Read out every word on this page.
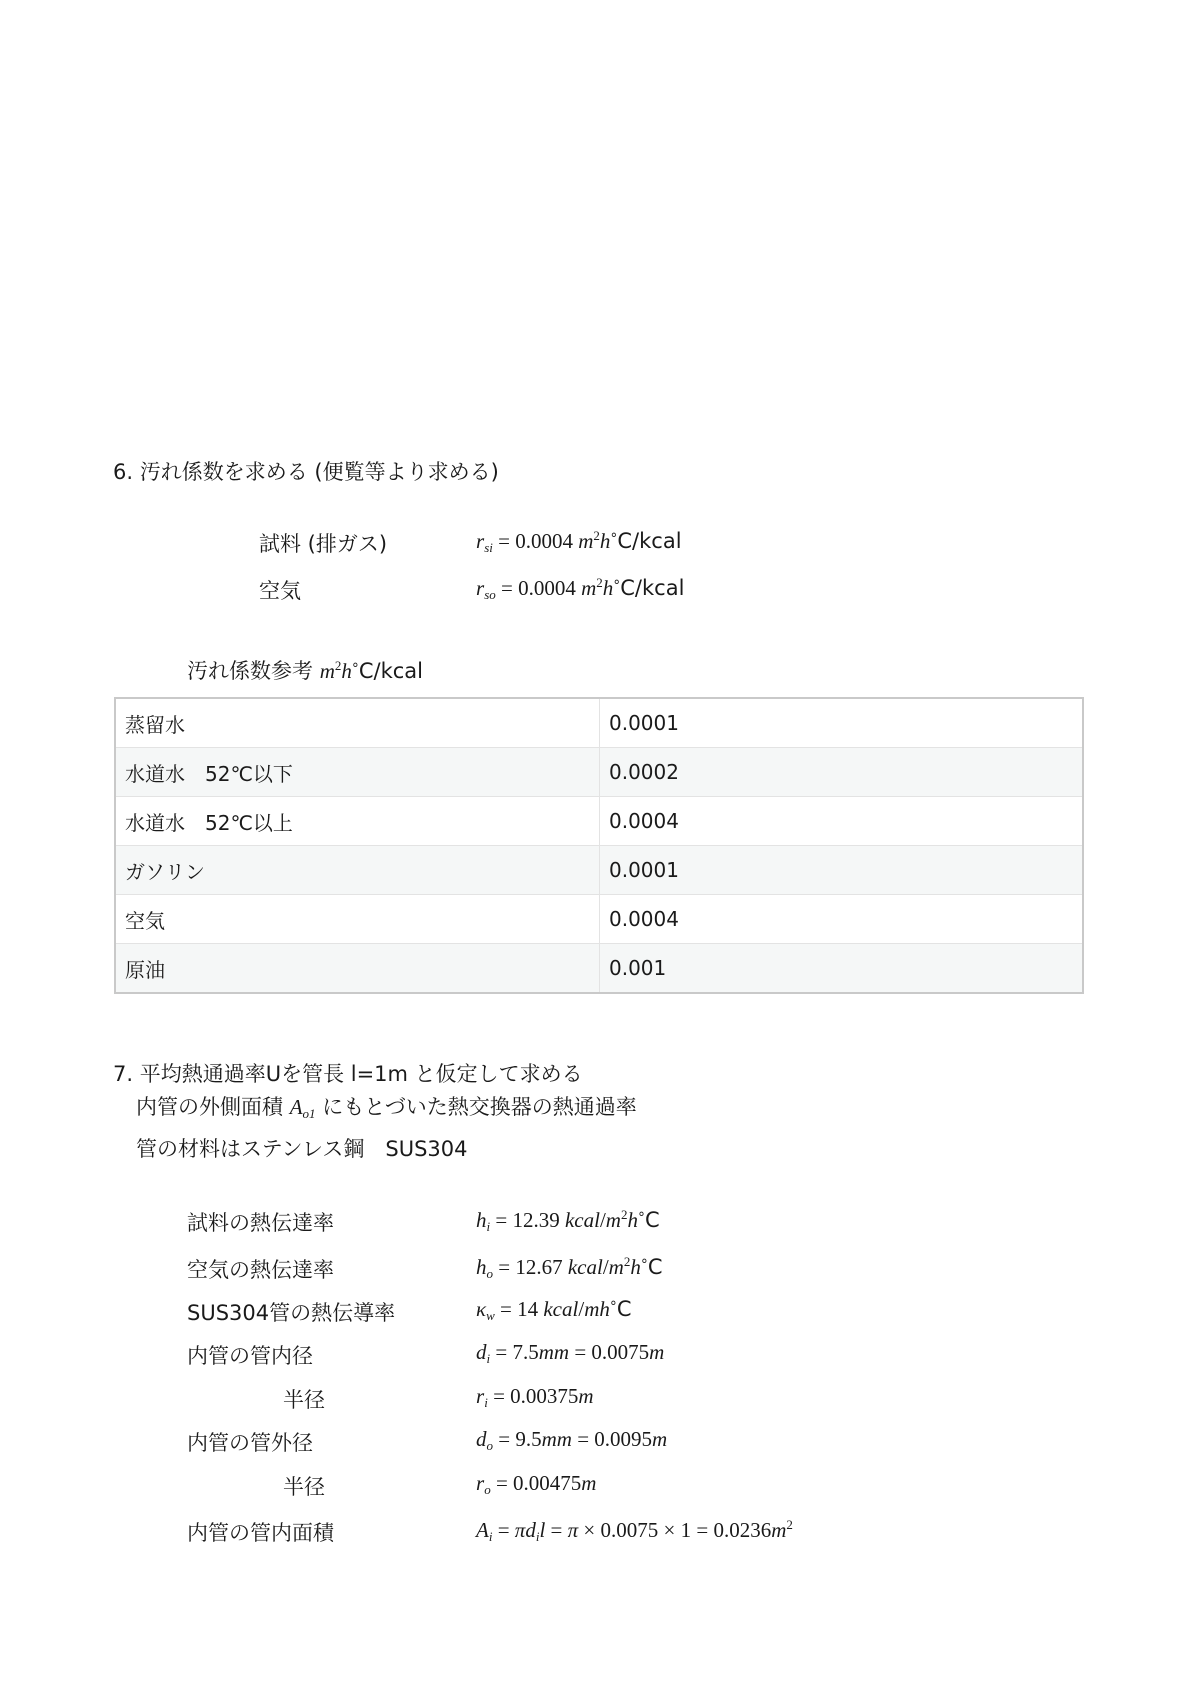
6. 汚れ係数を求める (便覧等より求める)
試料 (排ガス)	$r_{si} = 0.0004$ $m^2h˚C$/kcal
空気	$r_{so} = 0.0004$ $m^2h˚C$/kcal
汚れ係数参考 $m^2h˚C$/kcal
蒸留水	0.0001
水道水　52℃以下	0.0002
水道水　52℃以上	0.0004
ガソリン	0.0001
空気	0.0004
原油	0.001
7. 平均熱通過率Uを管長 l=1m と仮定して求める
内管の外側面積 $A_{o1}$ にもとづいた熱交換器の熱通過率
管の材料はステンレス鋼　SUS304
試料の熱伝達率	$h_i = 12.39$ kcal/$m^2h˚C$
空気の熱伝達率	$h_o = 12.67$ kcal/$m^2h˚C$
SUS304管の熱伝導率	$\kappa_w = 14$ kcal/mh˚C
内管の管内径	$d_i = 7.5mm = 0.0075m$
半径	$r_i = 0.00375m$
内管の管外径	$d_o = 9.5mm = 0.0095m$
半径	$r_o = 0.00475m$
内管の管内面積	$A_i = \pi d_il = \pi \times 0.0075 \times 1 = 0.0236m^2$
